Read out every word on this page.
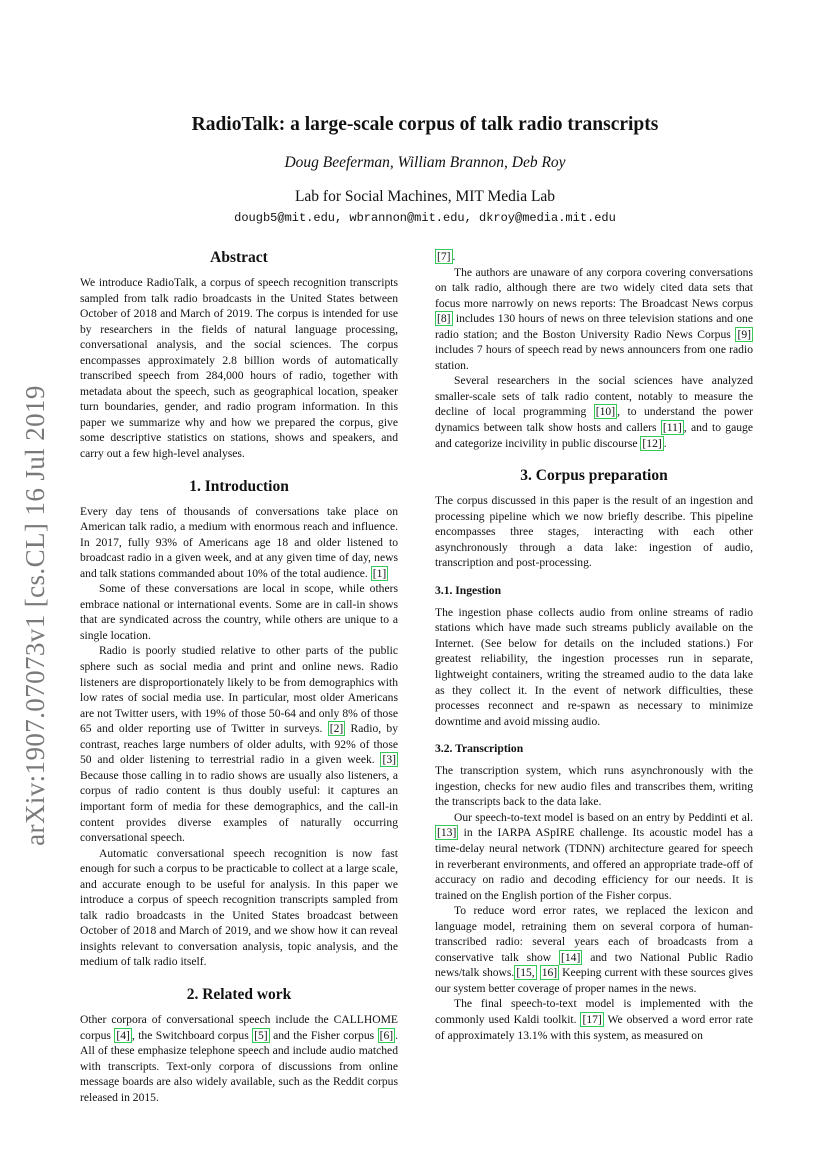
arXiv:1907.07073v1 [cs.CL] 16 Jul 2019
RadioTalk: a large-scale corpus of talk radio transcripts
Doug Beeferman, William Brannon, Deb Roy
Lab for Social Machines, MIT Media Lab
dougb5@mit.edu, wbrannon@mit.edu, dkroy@media.mit.edu
Abstract

We introduce RadioTalk, a corpus of speech recognition transcripts sampled from talk radio broadcasts in the United States between October of 2018 and March of 2019. The corpus is intended for use by researchers in the fields of natural language processing, conversational analysis, and the social sciences. The corpus encompasses approximately 2.8 billion words of automatically transcribed speech from 284,000 hours of radio, together with metadata about the speech, such as geographical location, speaker turn boundaries, gender, and radio program information. In this paper we summarize why and how we prepared the corpus, give some descriptive statistics on stations, shows and speakers, and carry out a few high-level analyses.

1. Introduction

Every day tens of thousands of conversations take place on American talk radio, a medium with enormous reach and influence. In 2017, fully 93% of Americans age 18 and older listened to broadcast radio in a given week, and at any given time of day, news and talk stations commanded about 10% of the total audience. [1]

Some of these conversations are local in scope, while others embrace national or international events. Some are in call-in shows that are syndicated across the country, while others are unique to a single location.

Radio is poorly studied relative to other parts of the public sphere such as social media and print and online news. Radio listeners are disproportionately likely to be from demographics with low rates of social media use. In particular, most older Americans are not Twitter users, with 19% of those 50-64 and only 8% of those 65 and older reporting use of Twitter in surveys. [2] Radio, by contrast, reaches large numbers of older adults, with 92% of those 50 and older listening to terrestrial radio in a given week. [3] Because those calling in to radio shows are usually also listeners, a corpus of radio content is thus doubly useful: it captures an important form of media for these demographics, and the call-in content provides diverse examples of naturally occurring conversational speech.

Automatic conversational speech recognition is now fast enough for such a corpus to be practicable to collect at a large scale, and accurate enough to be useful for analysis. In this paper we introduce a corpus of speech recognition transcripts sampled from talk radio broadcasts in the United States broadcast between October of 2018 and March of 2019, and we show how it can reveal insights relevant to conversation analysis, topic analysis, and the medium of talk radio itself.

2. Related work

Other corpora of conversational speech include the CALLHOME corpus [4] , the Switchboard corpus [5] and the Fisher corpus [6] . All of these emphasize telephone speech and include audio matched with transcripts. Text-only corpora of discussions from online message boards are also widely available, such as the Reddit corpus released in 2015.

[7] .

The authors are unaware of any corpora covering conversations on talk radio, although there are two widely cited data sets that focus more narrowly on news reports: The Broadcast News corpus [8] includes 130 hours of news on three television stations and one radio station; and the Boston University Radio News Corpus [9] includes 7 hours of speech read by news announcers from one radio station.

Several researchers in the social sciences have analyzed smaller-scale sets of talk radio content, notably to measure the decline of local programming [10] , to understand the power dynamics between talk show hosts and callers [11] , and to gauge and categorize incivility in public discourse [12] .

3. Corpus preparation

The corpus discussed in this paper is the result of an ingestion and processing pipeline which we now briefly describe. This pipeline encompasses three stages, interacting with each other asynchronously through a data lake: ingestion of audio, transcription and post-processing.

3.1. Ingestion

The ingestion phase collects audio from online streams of radio stations which have made such streams publicly available on the Internet. (See below for details on the included stations.) For greatest reliability, the ingestion processes run in separate, lightweight containers, writing the streamed audio to the data lake as they collect it. In the event of network difficulties, these processes reconnect and re-spawn as necessary to minimize downtime and avoid missing audio.

3.2. Transcription

The transcription system, which runs asynchronously with the ingestion, checks for new audio files and transcribes them, writing the transcripts back to the data lake.

Our speech-to-text model is based on an entry by Peddinti et al. [13] in the IARPA ASpIRE challenge. Its acoustic model has a time-delay neural network (TDNN) architecture geared for speech in reverberant environments, and offered an appropriate trade-off of accuracy on radio and decoding efficiency for our needs. It is trained on the English portion of the Fisher corpus.

To reduce word error rates, we replaced the lexicon and language model, retraining them on several corpora of human-transcribed radio: several years each of broadcasts from a conservative talk show [14] and two National Public Radio news/talk shows. [15, 16] Keeping current with these sources gives our system better coverage of proper names in the news.

The final speech-to-text model is implemented with the commonly used Kaldi toolkit. [17] We observed a word error rate of approximately 13.1% with this system, as measured on
